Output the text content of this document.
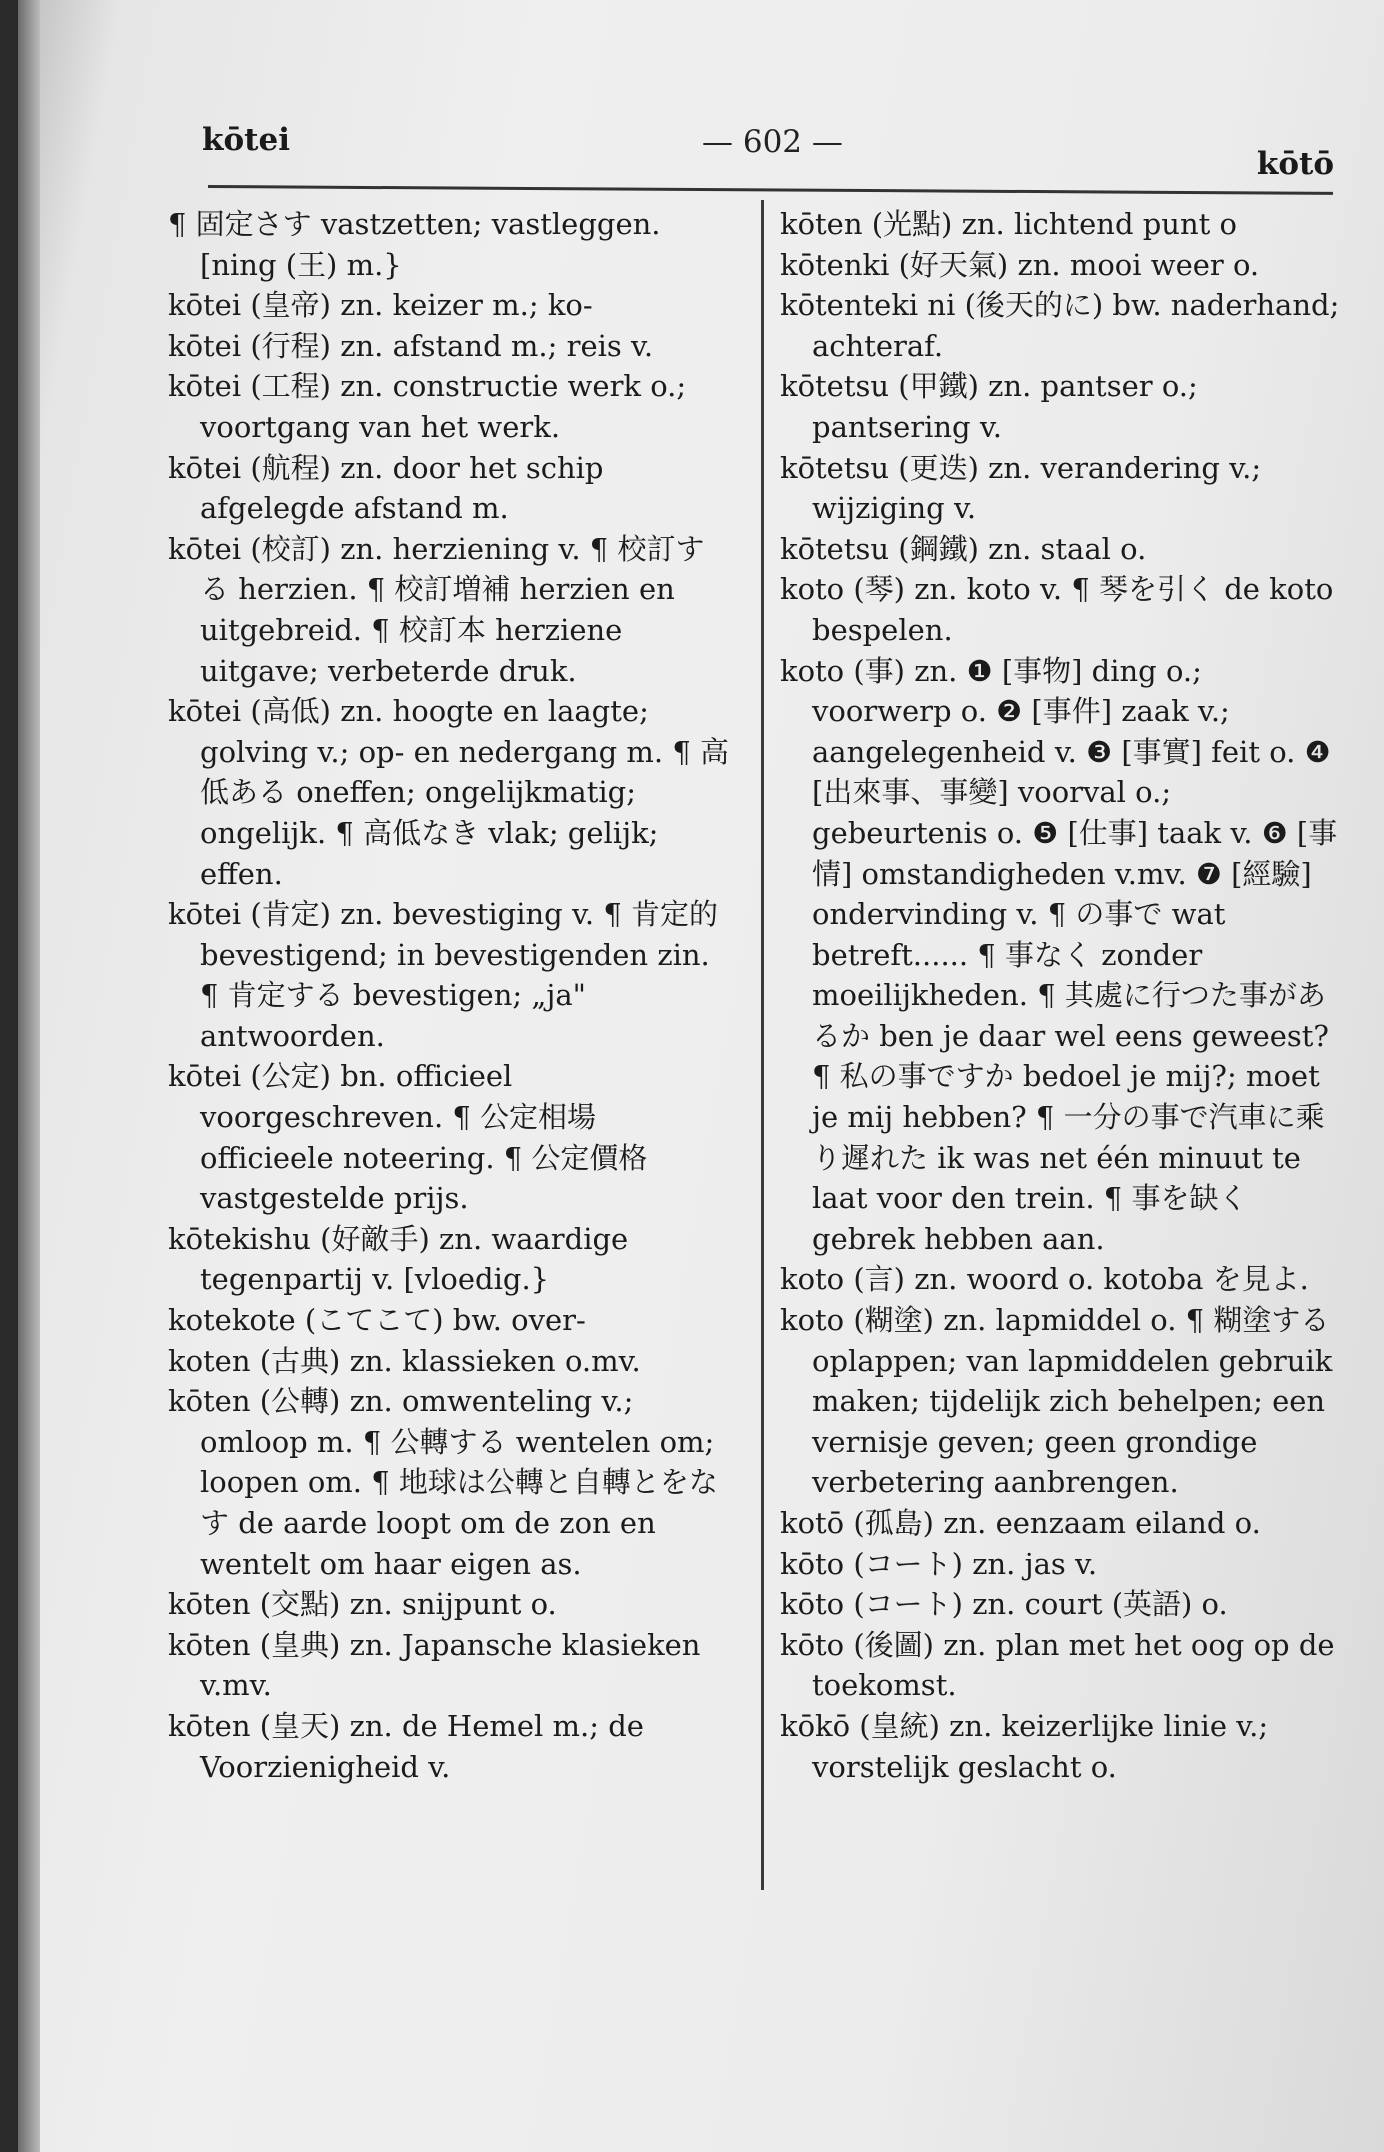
kōtei	— 602 —
kōtō

¶ 固定さす vastzetten; vastleggen. [ning (王) m.}

kōtei (皇帝) zn. keizer m.; ko-

kōtei (行程) zn. afstand m.; reis v.

kōtei (工程) zn. constructie werk o.; voortgang van het werk.

kōtei (航程) zn. door het schip afgelegde afstand m.

kōtei (校訂) zn. herziening v. ¶ 校訂する herzien. ¶ 校訂増補 herzien en uitgebreid. ¶ 校訂本 herziene uitgave; verbeterde druk.

kōtei (高低) zn. hoogte en laagte; golving v.; op- en nedergang m. ¶ 高低ある oneffen; ongelijkmatig; ongelijk. ¶ 高低なき vlak; gelijk; effen.

kōtei (肯定) zn. bevestiging v. ¶ 肯定的 bevestigend; in bevestigenden zin. ¶ 肯定する bevestigen; „ja" antwoorden.

kōtei (公定) bn. officieel voorgeschreven. ¶ 公定相場 officieele noteering. ¶ 公定價格 vastgestelde prijs.

kōtekishu (好敵手) zn. waardige tegenpartij v. [vloedig.}

kotekote (こてこて) bw. over-

koten (古典) zn. klassieken o.mv.

kōten (公轉) zn. omwenteling v.; omloop m. ¶ 公轉する wentelen om; loopen om. ¶ 地球は公轉と自轉とをなす de aarde loopt om de zon en wentelt om haar eigen as.

kōten (交點) zn. snijpunt o.

kōten (皇典) zn. Japansche klasieken v.mv.

kōten (皇天) zn. de Hemel m.; de Voorzienigheid v.

kōten (光點) zn. lichtend punt o

kōtenki (好天氣) zn. mooi weer o.

kōtenteki ni (後天的に) bw. naderhand; achteraf.

kōtetsu (甲鐵) zn. pantser o.; pantsering v.

kōtetsu (更迭) zn. verandering v.; wijziging v.

kōtetsu (鋼鐵) zn. staal o.

koto (琴) zn. koto v. ¶ 琴を引く de koto bespelen.

koto (事) zn. ❶ [事物] ding o.; voorwerp o. ❷ [事件] zaak v.; aangelegenheid v. ❸ [事實] feit o. ❹ [出來事、事變] voorval o.; gebeurtenis o. ❺ [仕事] taak v. ❻ [事情] omstandigheden v.mv. ❼ [經驗] ondervinding v. ¶ の事で wat betreft...... ¶ 事なく zonder moeilijkheden. ¶ 其處に行つた事があるか ben je daar wel eens geweest? ¶ 私の事ですか bedoel je mij?; moet je mij hebben? ¶ 一分の事で汽車に乘り遲れた ik was net één minuut te laat voor den trein. ¶ 事を缺く gebrek hebben aan.

koto (言) zn. woord o. kotoba を見よ.

koto (糊塗) zn. lapmiddel o. ¶ 糊塗する oplappen; van lapmiddelen gebruik maken; tijdelijk zich behelpen; een vernisje geven; geen grondige verbetering aanbrengen.

kotō (孤島) zn. eenzaam eiland o.

kōto (コート) zn. jas v.

kōto (コート) zn. court (英語) o.

kōto (後圖) zn. plan met het oog op de toekomst.

kōkō (皇統) zn. keizerlijke linie v.; vorstelijk geslacht o.
